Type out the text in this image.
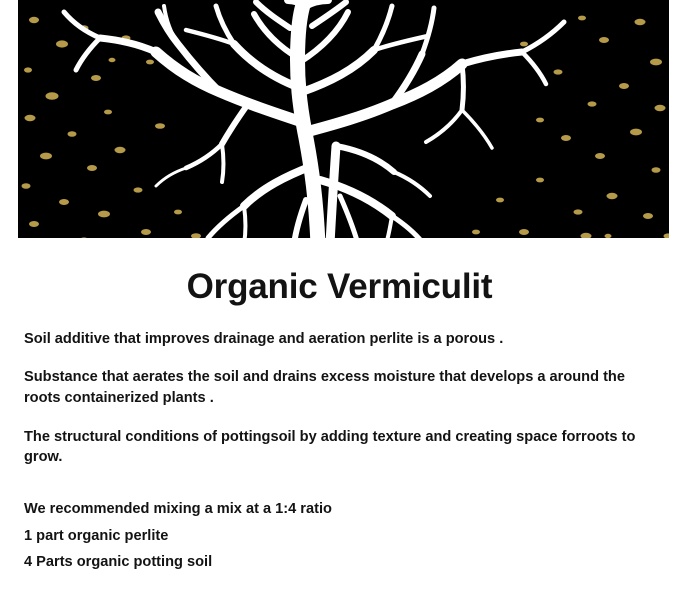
Organic Vermiculit

Soil additive that improves drainage and aeration perlite is a porous .

Substance that aerates the soil and drains excess moisture that develops a around the roots containerized plants .

The structural conditions of pottingsoil by adding texture and creating space forroots to grow.

We recommended mixing a mix at a 1:4 ratio

1 part organic perlite

4 Parts organic potting soil
